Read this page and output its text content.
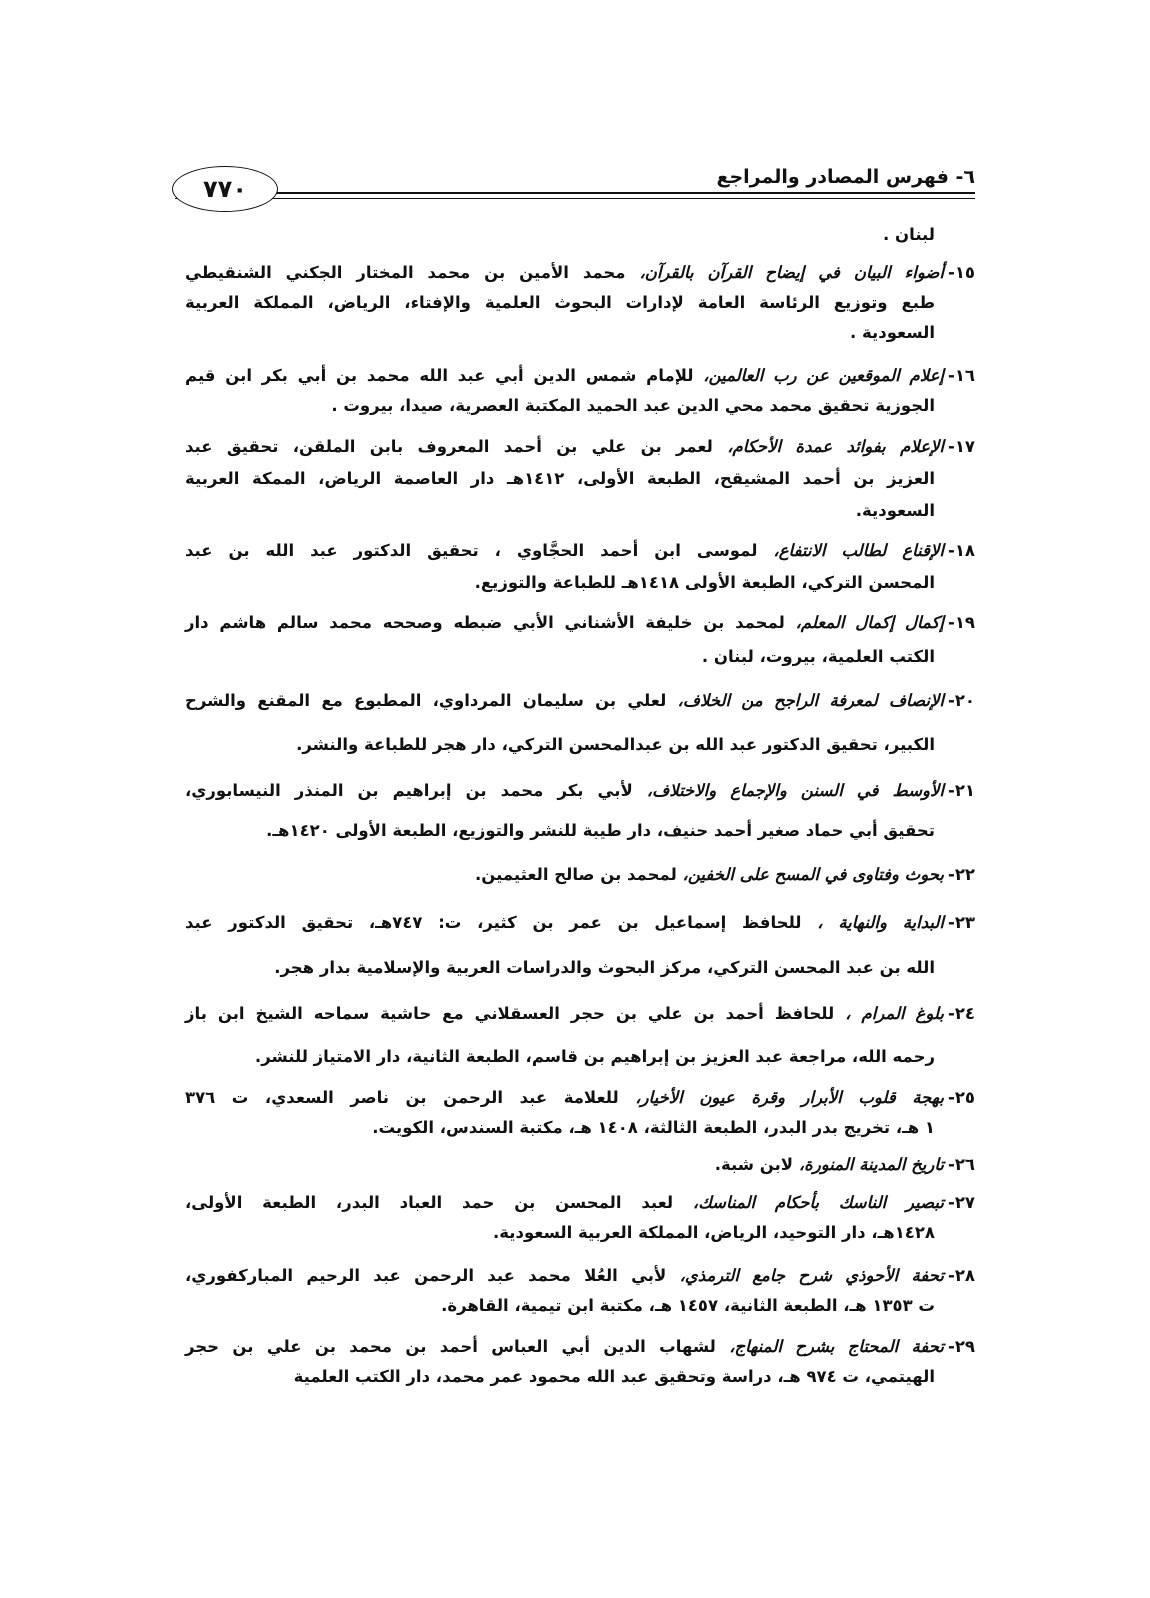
٦- فهرس المصادر والمراجع
٧٧٠
لبنان .
١٥-أضواء البيان في إيضاح القرآن بالقرآن، محمد الأمين بن محمد المختار الجكني الشنقيطي
طبع وتوزيع الرئاسة العامة لإدارات البحوث العلمية والإفتاء، الرياض، المملكة العربية
السعودية .
١٦-إعلام الموقعين عن رب العالمين، للإمام شمس الدين أبي عبد الله محمد بن أبي بكر ابن قيم
الجوزية تحقيق محمد محي الدين عبد الحميد المكتبة العصرية، صيدا، بيروت .
١٧-الإعلام بفوائد عمدة الأحكام، لعمر بن علي بن أحمد المعروف بابن الملقن، تحقيق عبد
العزيز بن أحمد المشيقح، الطبعة الأولى، ١٤١٢هـ دار العاصمة الرياض، الممكة العربية
السعودية.
١٨-الإقناع لطالب الانتفاع، لموسى ابن أحمد الحجَّاوي ، تحقيق الدكتور عبد الله بن عبد
المحسن التركي، الطبعة الأولى ١٤١٨هـ للطباعة والتوزيع.
١٩-إكمال إكمال المعلم، لمحمد بن خليفة الأشناني الأبي ضبطه وصححه محمد سالم هاشم دار
الكتب العلمية، بيروت، لبنان .
٢٠-الإنصاف لمعرفة الراجح من الخلاف، لعلي بن سليمان المرداوي، المطبوع مع المقنع والشرح
الكبير، تحقيق الدكتور عبد الله بن عبدالمحسن التركي، دار هجر للطباعة والنشر.
٢١-الأوسط في السنن والإجماع والاختلاف، لأبي بكر محمد بن إبراهيم بن المنذر النيسابوري،
تحقيق أبي حماد صغير أحمد حنيف، دار طيبة للنشر والتوزيع، الطبعة الأولى ١٤٢٠هـ.
٢٢-بحوث وفتاوى في المسح على الخفين، لمحمد بن صالح العثيمين.
٢٣-البداية والنهاية ، للحافظ إسماعيل بن عمر بن كثير، ت: ٧٤٧هـ، تحقيق الدكتور عبد
الله بن عبد المحسن التركي، مركز البحوث والدراسات العربية والإسلامية بدار هجر.
٢٤-بلوغ المرام ، للحافظ أحمد بن علي بن حجر العسقلاني مع حاشية سماحه الشيخ ابن باز
رحمه الله، مراجعة عبد العزيز بن إبراهيم بن قاسم، الطبعة الثانية، دار الامتياز للنشر.
٢٥-بهجة قلوب الأبرار وقرة عيون الأخيار، للعلامة عبد الرحمن بن ناصر السعدي، ت ٣٧٦
١ هـ، تخريج بدر البدر، الطبعة الثالثة، ١٤٠٨ هـ، مكتبة السندس، الكويت.
٢٦-تاريخ المدينة المنورة، لابن شبة.
٢٧-تبصير الناسك بأحكام المناسك، لعبد المحسن بن حمد العباد البدر، الطبعة الأولى،
١٤٢٨هـ، دار التوحيد، الرياض، المملكة العربية السعودية.
٢٨-تحفة الأحوذي شرح جامع الترمذي، لأبي العُلا محمد عبد الرحمن عبد الرحيم المباركفوري،
ت ١٣٥٣ هـ، الطبعة الثانية، ١٤٥٧ هـ، مكتبة ابن تيمية، القاهرة.
٢٩-تحفة المحتاج بشرح المنهاج، لشهاب الدين أبي العباس أحمد بن محمد بن علي بن حجر
الهيتمي، ت ٩٧٤ هـ، دراسة وتحقيق عبد الله محمود عمر محمد، دار الكتب العلمية
